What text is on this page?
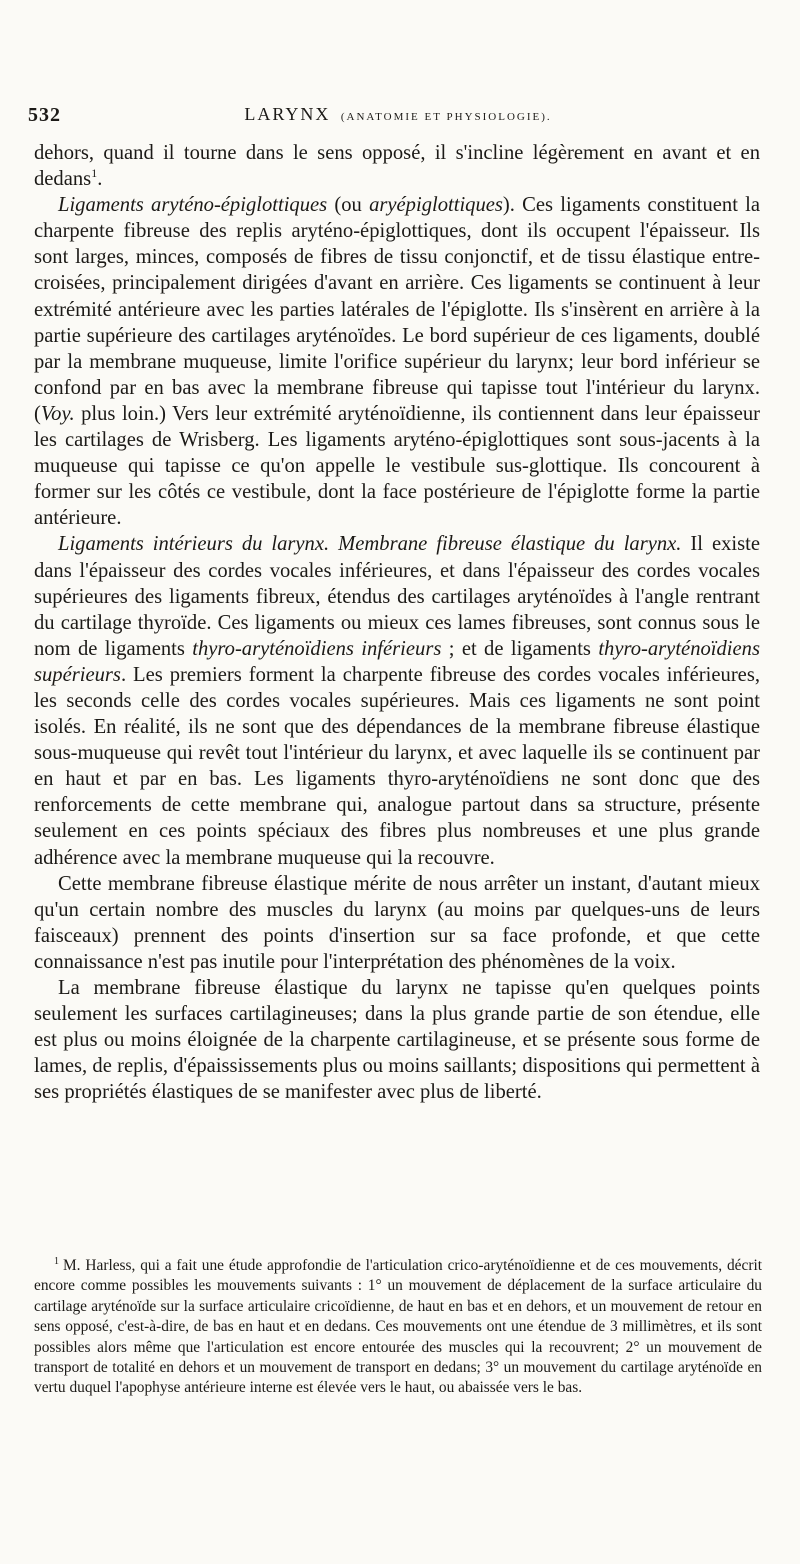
532	LARYNX (ANATOMIE ET PHYSIOLOGIE).

dehors, quand il tourne dans le sens opposé, il s'incline légèrement en avant et en dedans$^1$.

Ligaments aryténo-épiglottiques (ou aryépiglottiques). Ces ligaments constituent la charpente fibreuse des replis aryténo-épiglottiques, dont ils occupent l'épaisseur. Ils sont larges, minces, composés de fibres de tissu conjonctif, et de tissu élastique entre-croisées, principalement dirigées d'avant en arrière. Ces ligaments se continuent à leur extrémité antérieure avec les parties latérales de l'épiglotte. Ils s'insèrent en arrière à la partie supérieure des cartilages aryténoïdes. Le bord supérieur de ces ligaments, doublé par la membrane muqueuse, limite l'orifice supérieur du larynx; leur bord inférieur se confond par en bas avec la membrane fibreuse qui tapisse tout l'intérieur du larynx. (Voy. plus loin.) Vers leur extrémité aryténoïdienne, ils contiennent dans leur épaisseur les cartilages de Wrisberg. Les ligaments aryténo-épiglottiques sont sous-jacents à la muqueuse qui tapisse ce qu'on appelle le vestibule sus-glottique. Ils concourent à former sur les côtés ce vestibule, dont la face postérieure de l'épiglotte forme la partie antérieure.

Ligaments intérieurs du larynx. Membrane fibreuse élastique du larynx. Il existe dans l'épaisseur des cordes vocales inférieures, et dans l'épaisseur des cordes vocales supérieures des ligaments fibreux, étendus des cartilages aryténoïdes à l'angle rentrant du cartilage thyroïde. Ces ligaments ou mieux ces lames fibreuses, sont connus sous le nom de ligaments thyro-aryténoïdiens inférieurs ; et de ligaments thyro-aryténoïdiens supérieurs. Les premiers forment la charpente fibreuse des cordes vocales inférieures, les seconds celle des cordes vocales supérieures. Mais ces ligaments ne sont point isolés. En réalité, ils ne sont que des dépendances de la membrane fibreuse élastique sous-muqueuse qui revêt tout l'intérieur du larynx, et avec laquelle ils se continuent par en haut et par en bas. Les ligaments thyro-aryténoïdiens ne sont donc que des renforcements de cette membrane qui, analogue partout dans sa structure, présente seulement en ces points spéciaux des fibres plus nombreuses et une plus grande adhérence avec la membrane muqueuse qui la recouvre.

Cette membrane fibreuse élastique mérite de nous arrêter un instant, d'autant mieux qu'un certain nombre des muscles du larynx (au moins par quelques-uns de leurs faisceaux) prennent des points d'insertion sur sa face profonde, et que cette connaissance n'est pas inutile pour l'interprétation des phénomènes de la voix.

La membrane fibreuse élastique du larynx ne tapisse qu'en quelques points seulement les surfaces cartilagineuses; dans la plus grande partie de son étendue, elle est plus ou moins éloignée de la charpente cartilagineuse, et se présente sous forme de lames, de replis, d'épaississements plus ou moins saillants; dispositions qui permettent à ses propriétés élastiques de se manifester avec plus de liberté.

$^1$ M. Harless, qui a fait une étude approfondie de l'articulation crico-aryténoïdienne et de ces mouvements, décrit encore comme possibles les mouvements suivants : 1° un mouvement de déplacement de la surface articulaire du cartilage aryténoïde sur la surface articulaire cricoïdienne, de haut en bas et en dehors, et un mouvement de retour en sens opposé, c'est-à-dire, de bas en haut et en dedans. Ces mouvements ont une étendue de 3 millimètres, et ils sont possibles alors même que l'articulation est encore entourée des muscles qui la recouvrent; 2° un mouvement de transport de totalité en dehors et un mouvement de transport en dedans; 3° un mouvement du cartilage aryténoïde en vertu duquel l'apophyse antérieure interne est élevée vers le haut, ou abaissée vers le bas.
